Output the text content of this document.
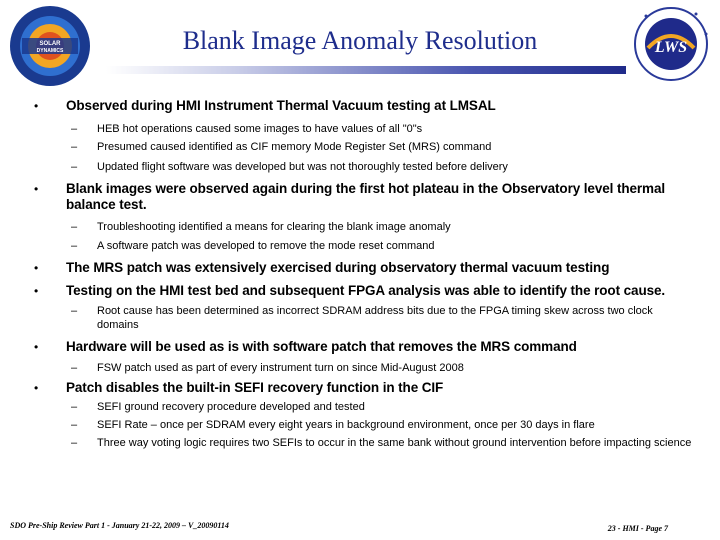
SOLAR
DYNAMICS	LWS
Blank Image Anomaly Resolution
• Observed during HMI Instrument Thermal Vacuum testing at LMSAL
– HEB hot operations caused some images to have values of all "0"s
– Presumed caused identified as CIF memory Mode Register Set (MRS) command
– Updated flight software was developed but was not thoroughly tested before delivery
• Blank images were observed again during the first hot plateau in the Observatory level thermal balance test.
– Troubleshooting identified a means for clearing the blank image anomaly
– A software patch was developed to remove the mode reset command
• The MRS patch was extensively exercised during observatory thermal vacuum testing
• Testing on the HMI test bed and subsequent FPGA analysis was able to identify the root cause.
– Root cause has been determined as incorrect SDRAM address bits due to the FPGA timing skew across two clock domains
• Hardware will be used as is with software patch that removes the MRS command
– FSW patch used as part of every instrument turn on since Mid-August 2008
• Patch disables the built-in SEFI recovery function in the CIF
– SEFI ground recovery procedure developed and tested
– SEFI Rate – once per SDRAM every eight years in background environment, once per 30 days in flare
– Three way voting logic requires two SEFIs to occur in the same bank without ground intervention before impacting science
SDO Pre-Ship Review Part 1 - January 21-22, 2009 – V_20090114	23 - HMI - Page 7
